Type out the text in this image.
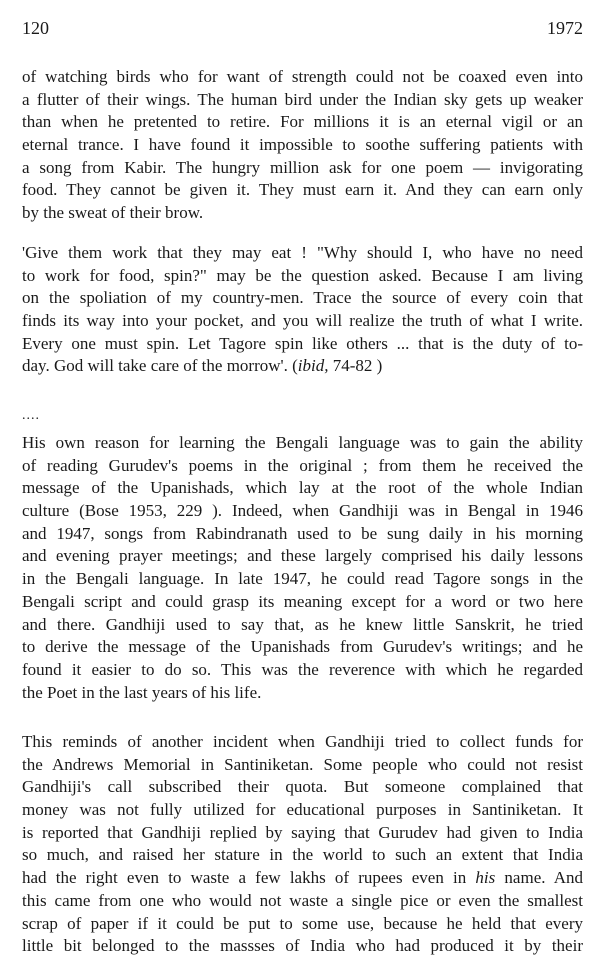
120	1972
of watching birds who for want of strength could not be coaxed even into
a flutter of their wings. The human bird under the Indian sky gets up weaker
than when he pretented to retire. For millions it is an eternal vigil or an
eternal trance. I have found it impossible to soothe suffering patients with
a song from Kabir. The hungry million ask for one poem — invigorating
food. They cannot be given it. They must earn it. And they can earn only
by the sweat of their brow.
'Give them work that they may eat ! "Why should I, who have no need
to work for food, spin?" may be the question asked. Because I am living
on the spoliation of my country-men. Trace the source of every coin that
finds its way into your pocket, and you will realize the truth of what I write.
Every one must spin. Let Tagore spin like others ... that is the duty of to-
day. God will take care of the morrow'. (ibid, 74-82 )
....
His own reason for learning the Bengali language was to gain the ability
of reading Gurudev's poems in the original ; from them he received the
message of the Upanishads, which lay at the root of the whole Indian
culture (Bose 1953, 229 ). Indeed, when Gandhiji was in Bengal in 1946
and 1947, songs from Rabindranath used to be sung daily in his morning
and evening prayer meetings; and these largely comprised his daily lessons
in the Bengali language. In late 1947, he could read Tagore songs in the
Bengali script and could grasp its meaning except for a word or two here
and there. Gandhiji used to say that, as he knew little Sanskrit, he tried
to derive the message of the Upanishads from Gurudev's writings; and he
found it easier to do so. This was the reverence with which he regarded
the Poet in the last years of his life.
This reminds of another incident when Gandhiji tried to collect funds for
the Andrews Memorial in Santiniketan. Some people who could not resist
Gandhiji's call subscribed their quota. But someone complained that
money was not fully utilized for educational purposes in Santiniketan. It
is reported that Gandhiji replied by saying that Gurudev had given to India
so much, and raised her stature in the world to such an extent that India
had the right even to waste a few lakhs of rupees even in his name. And
this came from one who would not waste a single pice or even the smallest
scrap of paper if it could be put to some use, because he held that every
little bit belonged to the massses of India who had produced it by their
